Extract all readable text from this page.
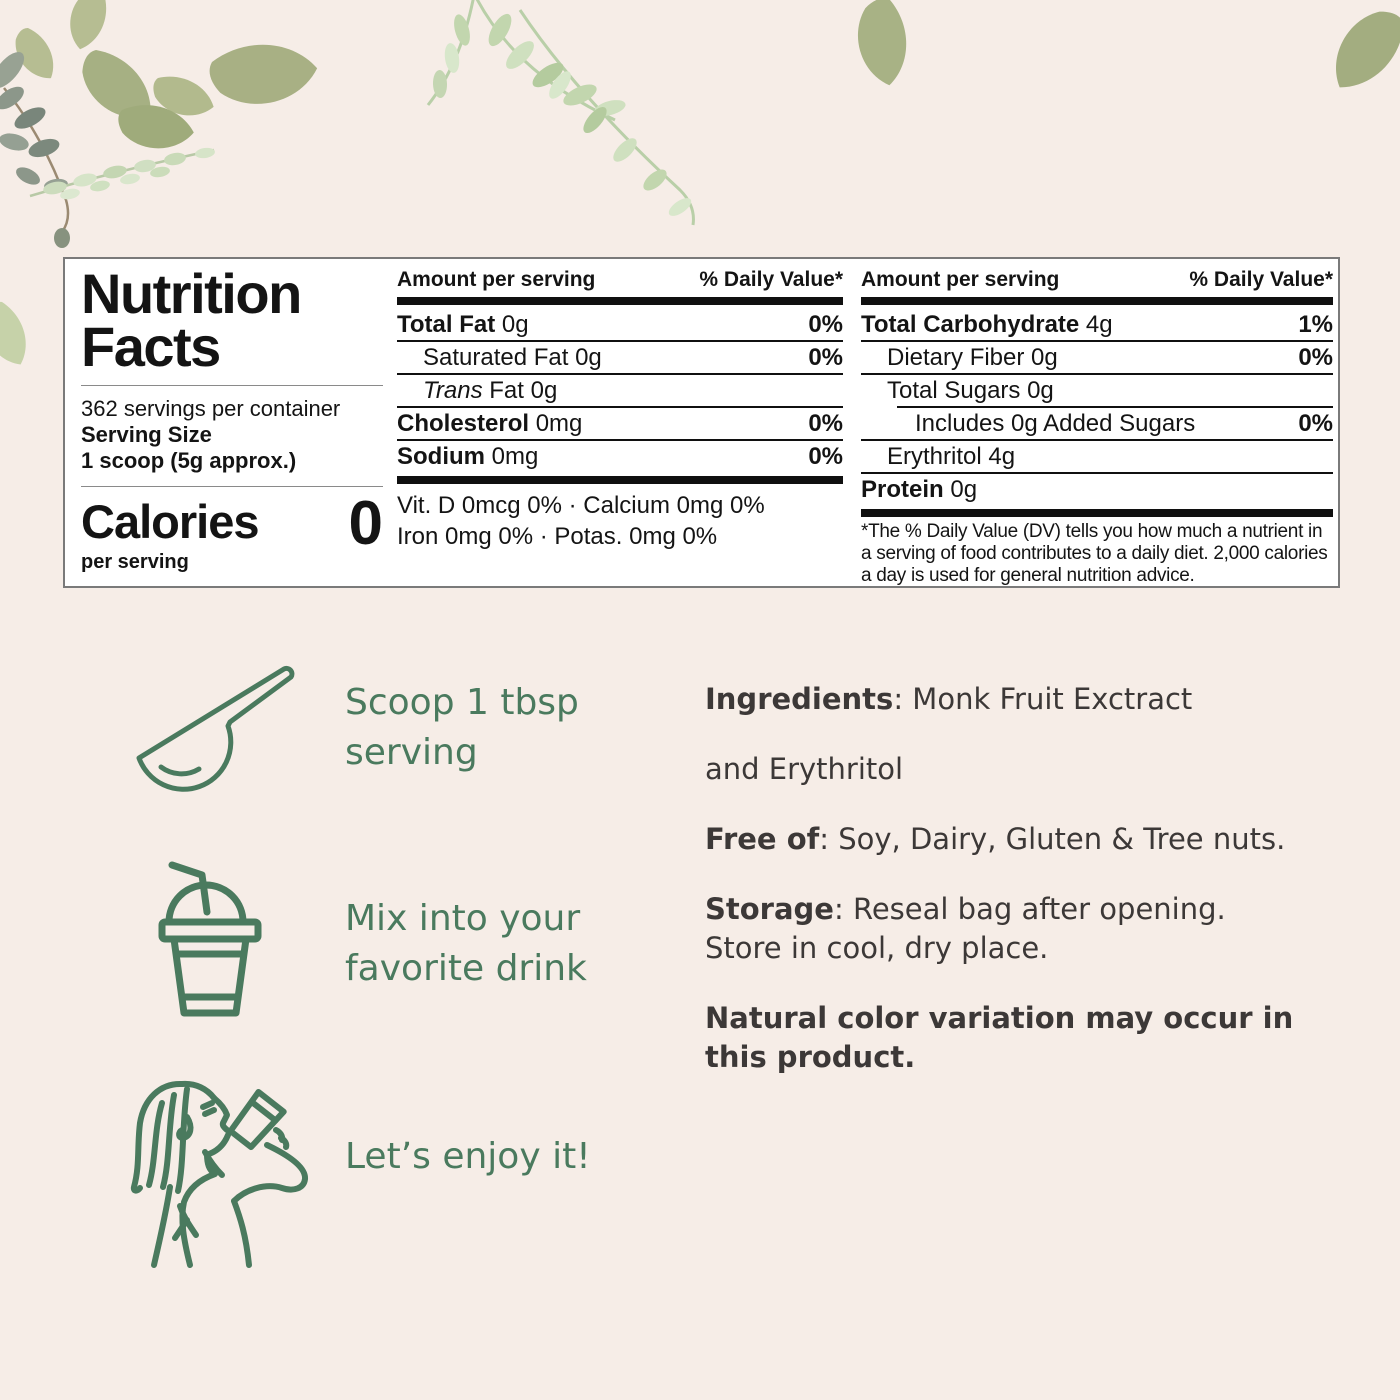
Nutrition
Facts
362 servings per container
Serving Size
1 scoop (5g approx.)
Calories 0
per serving
Amount per serving	% Daily Value*
Total Fat 0g	0%
Saturated Fat 0g	0%
Trans Fat 0g
Cholesterol 0mg	0%
Sodium 0mg	0%
Vit. D 0mcg 0% · Calcium 0mg 0%
Iron 0mg 0% · Potas. 0mg 0%
Amount per serving	% Daily Value*
Total Carbohydrate 4g	1%
Dietary Fiber 0g	0%
Total Sugars 0g
Includes 0g Added Sugars	0%
Erythritol 4g
Protein 0g
*The % Daily Value (DV) tells you how much a nutrient in a serving of food contributes to a daily diet. 2,000 calories a day is used for general nutrition advice.
Scoop 1 tbsp
serving
Mix into your
favorite drink
Let’s enjoy it!

Ingredients: Monk Fruit Exctract

and Erythritol

Free of: Soy, Dairy, Gluten & Tree nuts.

Storage: Reseal bag after opening. Store in cool, dry place.

Natural color variation may occur in this product.
